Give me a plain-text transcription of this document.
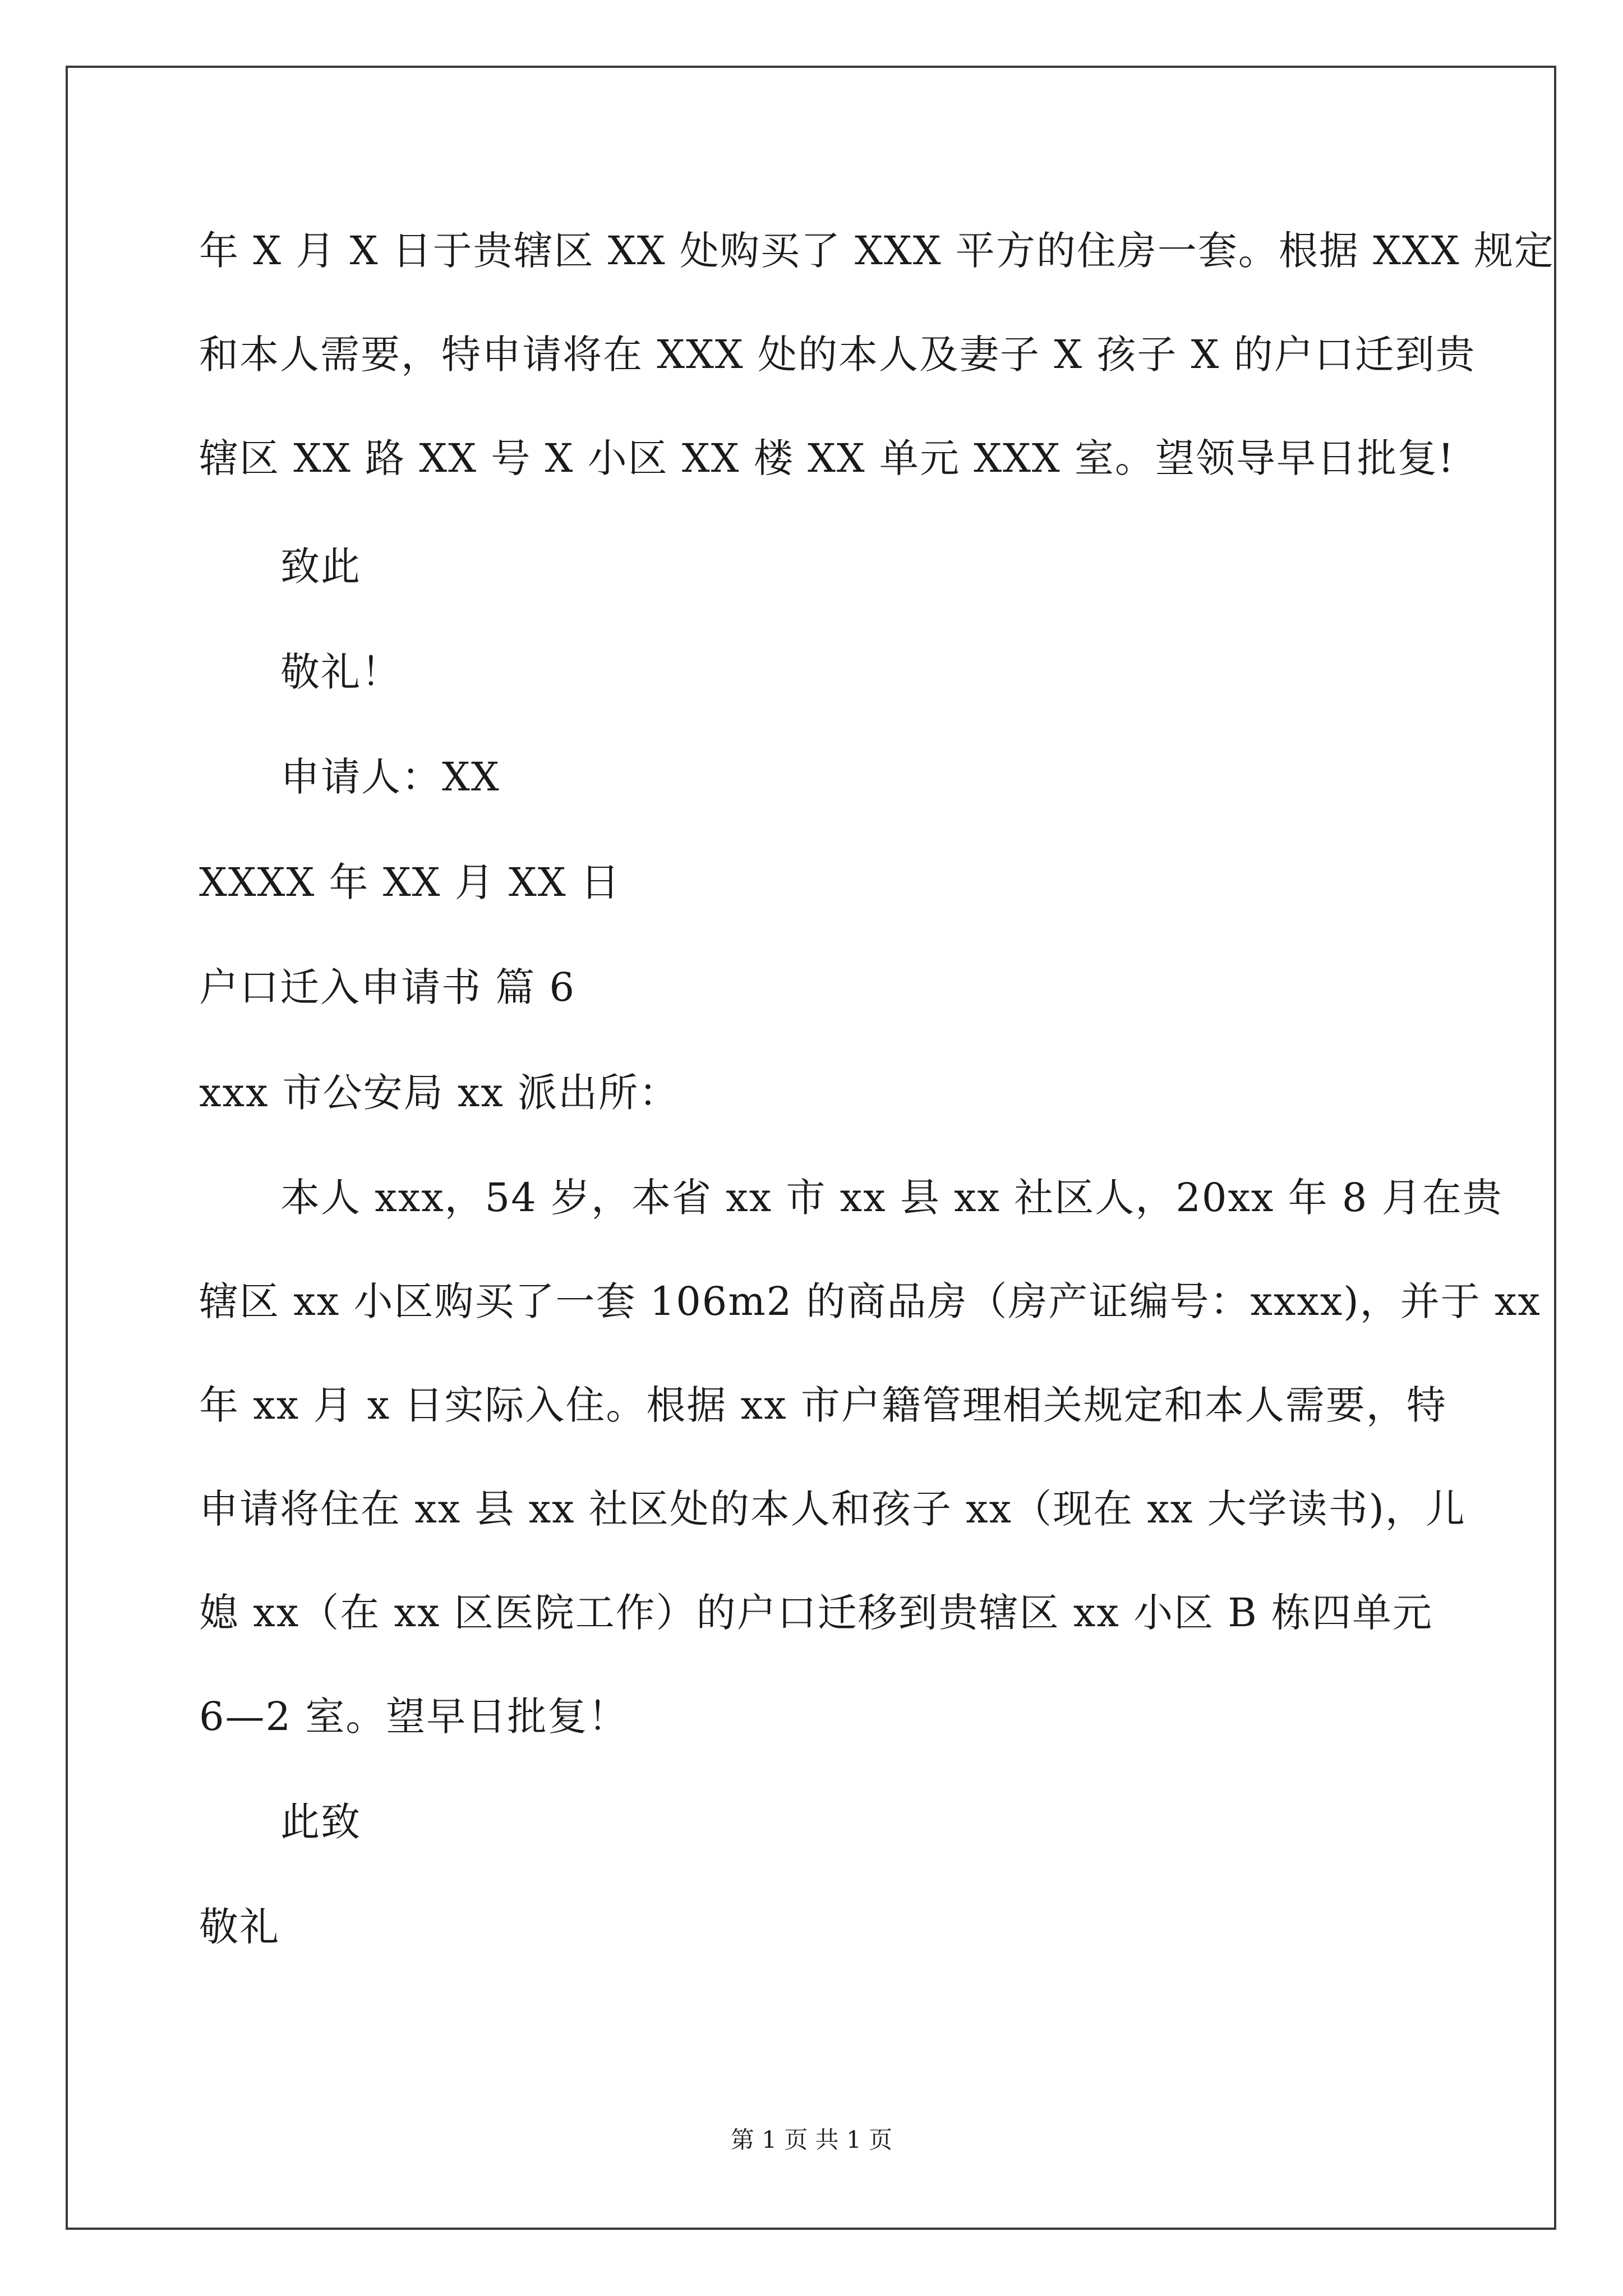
年 X 月 X 日于贵辖区 XX 处购买了 XXX 平方的住房一套。根据 XXX 规定
和本人需要，特申请将在 XXX 处的本人及妻子 X 孩子 X 的户口迁到贵
辖区 XX 路 XX 号 X 小区 XX 楼 XX 单元 XXX 室。望领导早日批复!
致此
敬礼！
申请人：XX
XXXX 年 XX 月 XX 日
户口迁入申请书 篇 6
xxx 市公安局 xx 派出所：
本人 xxx，54 岁，本省 xx 市 xx 县 xx 社区人，20xx 年 8 月在贵
辖区 xx 小区购买了一套 106m2 的商品房（房产证编号：xxxx)，并于 xx
年 xx 月 x 日实际入住。根据 xx 市户籍管理相关规定和本人需要，特
申请将住在 xx 县 xx 社区处的本人和孩子 xx（现在 xx 大学读书)，儿
媳 xx（在 xx 区医院工作）的户口迁移到贵辖区 xx 小区 B 栋四单元
6—2 室。望早日批复！
此致
敬礼
第 1 页 共 1 页
